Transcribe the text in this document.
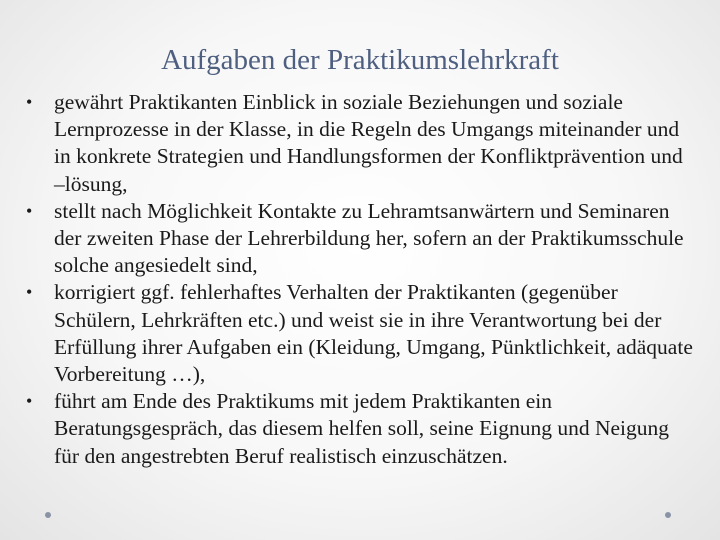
Aufgaben der Praktikumslehrkraft
• gewährt Praktikanten Einblick in soziale Beziehungen und soziale Lernprozesse in der Klasse, in die Regeln des Umgangs miteinander und in konkrete Strategien und Handlungsformen der Konfliktprävention und –lösung,
• stellt nach Möglichkeit Kontakte zu Lehramtsanwärtern und Seminaren der zweiten Phase der Lehrerbildung her, sofern an der Praktikumsschule solche angesiedelt sind,
• korrigiert ggf. fehlerhaftes Verhalten der Praktikanten (gegenüber Schülern, Lehrkräften etc.) und weist sie in ihre Verantwortung bei der Erfüllung ihrer Aufgaben ein (Kleidung, Umgang, Pünktlichkeit, adäquate Vorbereitung …),
• führt am Ende des Praktikums mit jedem Praktikanten ein Beratungsgespräch, das diesem helfen soll, seine Eignung und Neigung für den angestrebten Beruf realistisch einzuschätzen.
